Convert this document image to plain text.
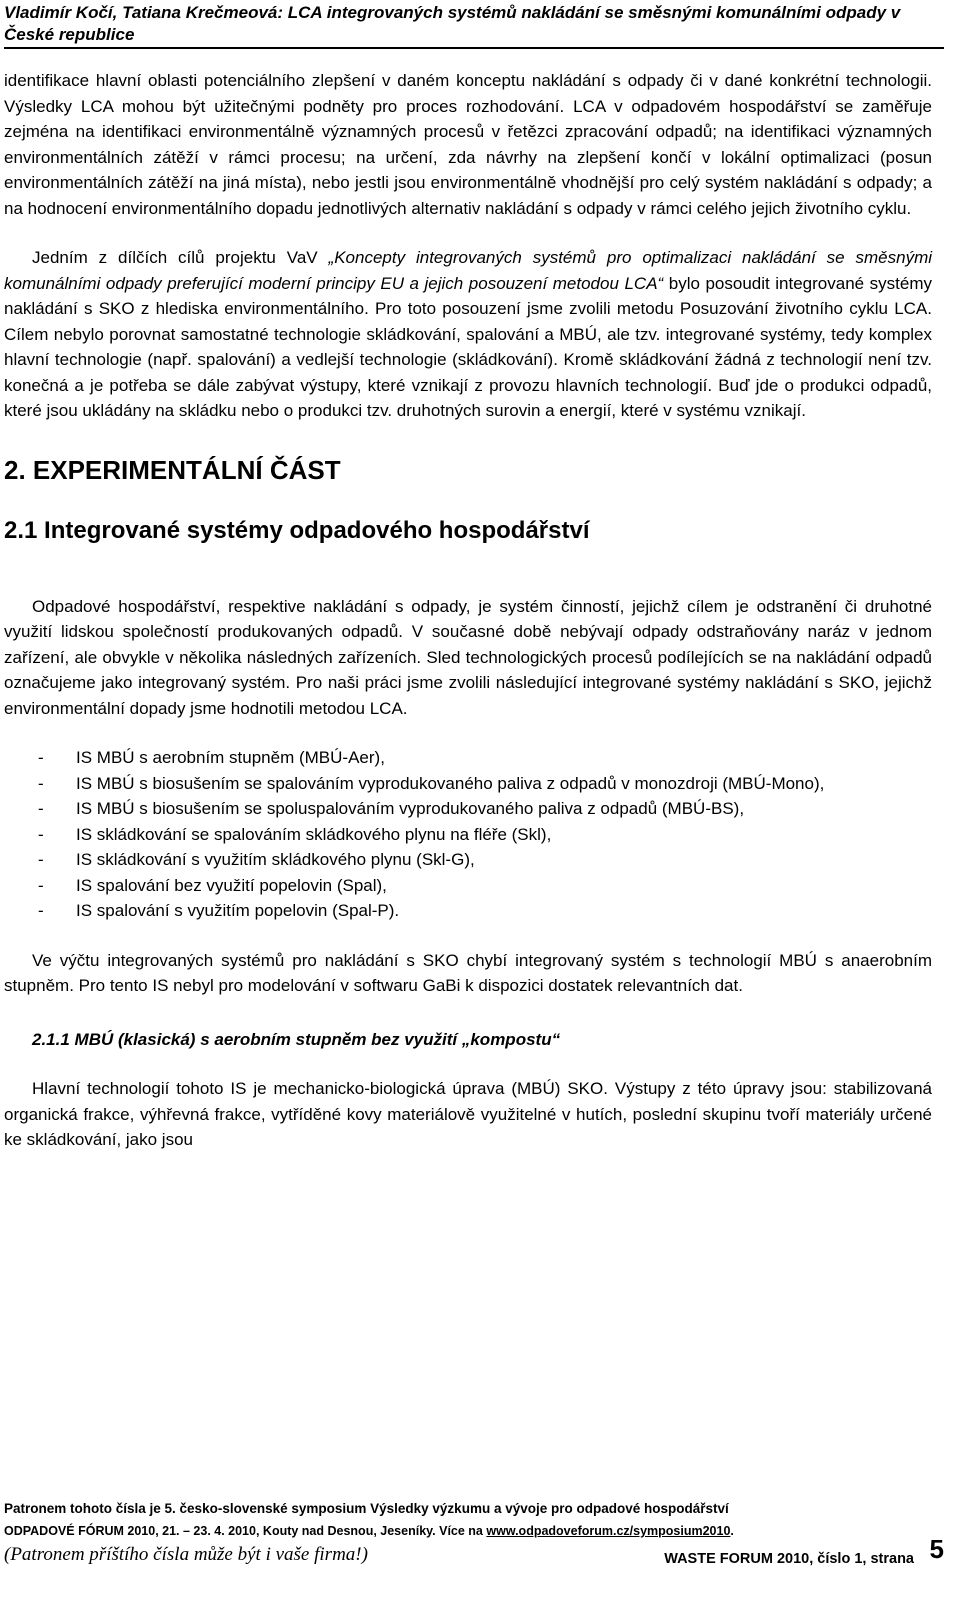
Vladimír Kočí, Tatiana Krečmeová: LCA integrovaných systémů nakládání se směsnými komunálními odpady v České republice

identifikace hlavní oblasti potenciálního zlepšení v daném konceptu nakládání s odpady či v dané konkrétní technologii. Výsledky LCA mohou být užitečnými podněty pro proces rozhodování. LCA v odpadovém hospodářství se zaměřuje zejména na identifikaci environmentálně významných procesů v řetězci zpracování odpadů; na identifikaci významných environmentálních zátěží v rámci procesu; na určení, zda návrhy na zlepšení končí v lokální optimalizaci (posun environmentálních zátěží na jiná místa), nebo jestli jsou environmentálně vhodnější pro celý systém nakládání s odpady; a na hodnocení environmentálního dopadu jednotlivých alternativ nakládání s odpady v rámci celého jejich životního cyklu.

Jedním z dílčích cílů projektu VaV „Koncepty integrovaných systémů pro optimalizaci nakládání se směsnými komunálními odpady preferující moderní principy EU a jejich posouzení metodou LCA“ bylo posoudit integrované systémy nakládání s SKO z hlediska environmentálního. Pro toto posouzení jsme zvolili metodu Posuzování životního cyklu LCA. Cílem nebylo porovnat samostatné technologie skládkování, spalování a MBÚ, ale tzv. integrované systémy, tedy komplex hlavní technologie (např. spalování) a vedlejší technologie (skládkování). Kromě skládkování žádná z technologií není tzv. konečná a je potřeba se dále zabývat výstupy, které vznikají z provozu hlavních technologií. Buď jde o produkci odpadů, které jsou ukládány na skládku nebo o produkci tzv. druhotných surovin a energií, které v systému vznikají.

2. EXPERIMENTÁLNÍ ČÁST

2.1 Integrované systémy odpadového hospodářství

Odpadové hospodářství, respektive nakládání s odpady, je systém činností, jejichž cílem je odstranění či druhotné využití lidskou společností produkovaných odpadů. V současné době nebývají odpady odstraňovány naráz v jednom zařízení, ale obvykle v několika následných zařízeních. Sled technologických procesů podílejících se na nakládání odpadů označujeme jako integrovaný systém. Pro naši práci jsme zvolili následující integrované systémy nakládání s SKO, jejichž environmentální dopady jsme hodnotili metodou LCA.

- IS MBÚ s aerobním stupněm (MBÚ-Aer),
- IS MBÚ s biosušením se spalováním vyprodukovaného paliva z odpadů v monozdroji (MBÚ-Mono),
- IS MBÚ s biosušením se spoluspalováním vyprodukovaného paliva z odpadů (MBÚ-BS),
- IS skládkování se spalováním skládkového plynu na fléře (Skl),
- IS skládkování s využitím skládkového plynu (Skl-G),
- IS spalování bez využití popelovin (Spal),
- IS spalování s využitím popelovin (Spal-P).

Ve výčtu integrovaných systémů pro nakládání s SKO chybí integrovaný systém s technologií MBÚ s anaerobním stupněm. Pro tento IS nebyl pro modelování v softwaru GaBi k dispozici dostatek relevantních dat.

2.1.1 MBÚ (klasická) s aerobním stupněm bez využití „kompostu“

Hlavní technologií tohoto IS je mechanicko-biologická úprava (MBÚ) SKO. Výstupy z této úpravy jsou: stabilizovaná organická frakce, výhřevná frakce, vytříděné kovy materiálově využitelné v hutích, poslední skupinu tvoří materiály určené ke skládkování, jako jsou

Patronem tohoto čísla je 5. česko-slovenské symposium Výsledky výzkumu a vývoje pro odpadové hospodářství
ODPADOVÉ FÓRUM 2010, 21. – 23. 4. 2010, Kouty nad Desnou, Jeseníky. Více na www.odpadoveforum.cz/symposium2010.
(Patronem příštího čísla může být i vaše firma!)	WASTE FORUM 2010, číslo 1, strana 5
